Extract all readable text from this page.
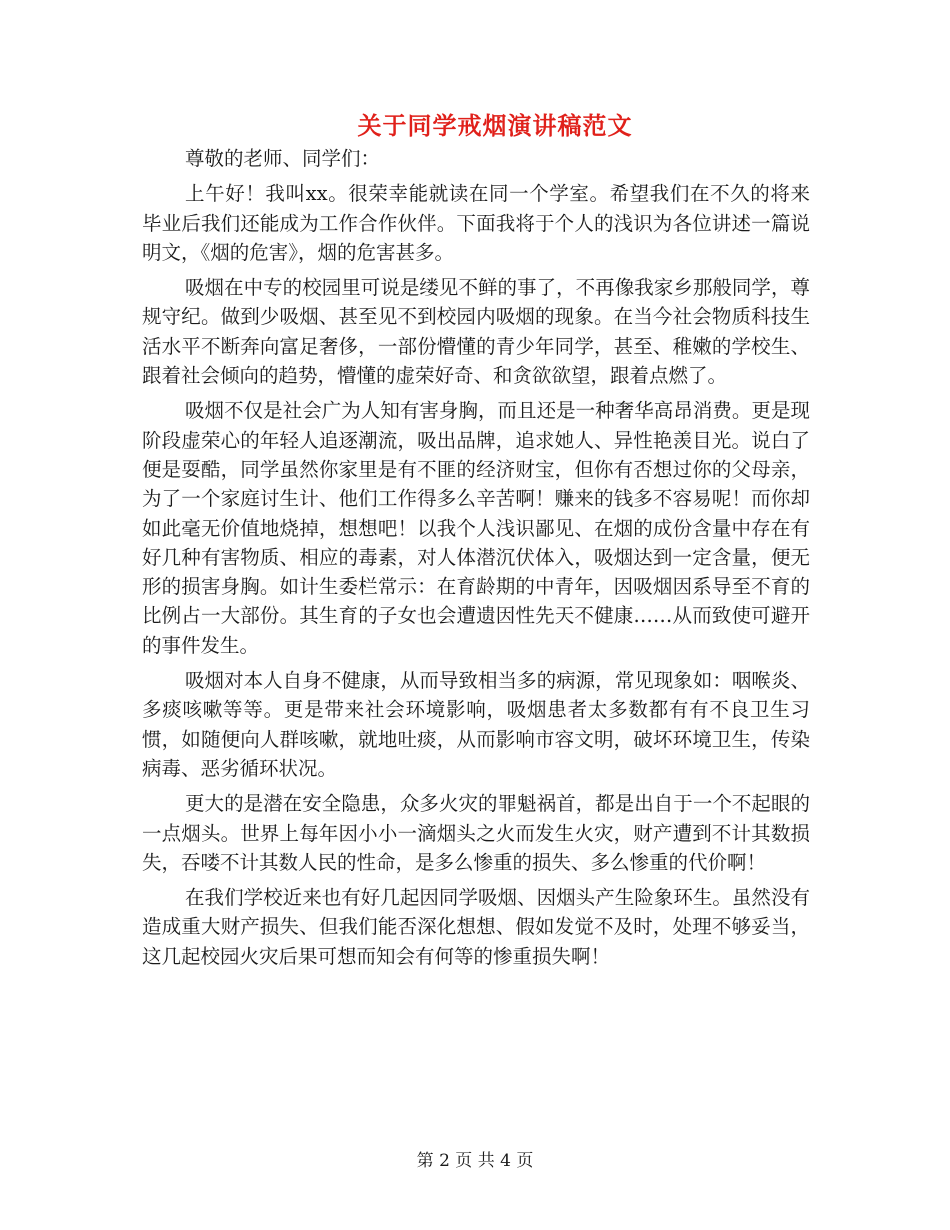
关于同学戒烟演讲稿范文

尊敬的老师、同学们：

上午好！我叫xx。很荣幸能就读在同一个学室。希望我们在不久的将来毕业后我们还能成为工作合作伙伴。下面我将于个人的浅识为各位讲述一篇说明文，《烟的危害》，烟的危害甚多。

吸烟在中专的校园里可说是缕见不鲜的事了，不再像我家乡那般同学，尊规守纪。做到少吸烟、甚至见不到校园内吸烟的现象。在当今社会物质科技生活水平不断奔向富足奢侈，一部份懵懂的青少年同学，甚至、稚嫩的学校生、跟着社会倾向的趋势，懵懂的虚荣好奇、和贪欲欲望，跟着点燃了。

吸烟不仅是社会广为人知有害身胸，而且还是一种奢华高昂消费。更是现阶段虚荣心的年轻人追逐潮流，吸出品牌，追求她人、异性艳羡目光。说白了便是耍酷，同学虽然你家里是有不匪的经济财宝，但你有否想过你的父母亲，为了一个家庭讨生计、他们工作得多么辛苦啊！赚来的钱多不容易呢！而你却如此毫无价值地烧掉，想想吧！以我个人浅识鄙见、在烟的成份含量中存在有好几种有害物质、相应的毒素，对人体潜沉伏体入，吸烟达到一定含量，便无形的损害身胸。如计生委栏常示：在育龄期的中青年，因吸烟因系导至不育的比例占一大部份。其生育的子女也会遭遗因性先天不健康……从而致使可避开的事件发生。

吸烟对本人自身不健康，从而导致相当多的病源，常见现象如：咽喉炎、多痰咳嗽等等。更是带来社会环境影响，吸烟患者太多数都有有不良卫生习惯，如随便向人群咳嗽，就地吐痰，从而影响市容文明，破坏环境卫生，传染病毒、恶劣循环状况。

更大的是潜在安全隐患，众多火灾的罪魁祸首，都是出自于一个不起眼的一点烟头。世界上每年因小小一滴烟头之火而发生火灾，财产遭到不计其数损失，吞喽不计其数人民的性命，是多么惨重的损失、多么惨重的代价啊！

在我们学校近来也有好几起因同学吸烟、因烟头产生险象环生。虽然没有造成重大财产损失、但我们能否深化想想、假如发觉不及时，处理不够妥当，这几起校园火灾后果可想而知会有何等的惨重损失啊！

第 2 页 共 4 页
